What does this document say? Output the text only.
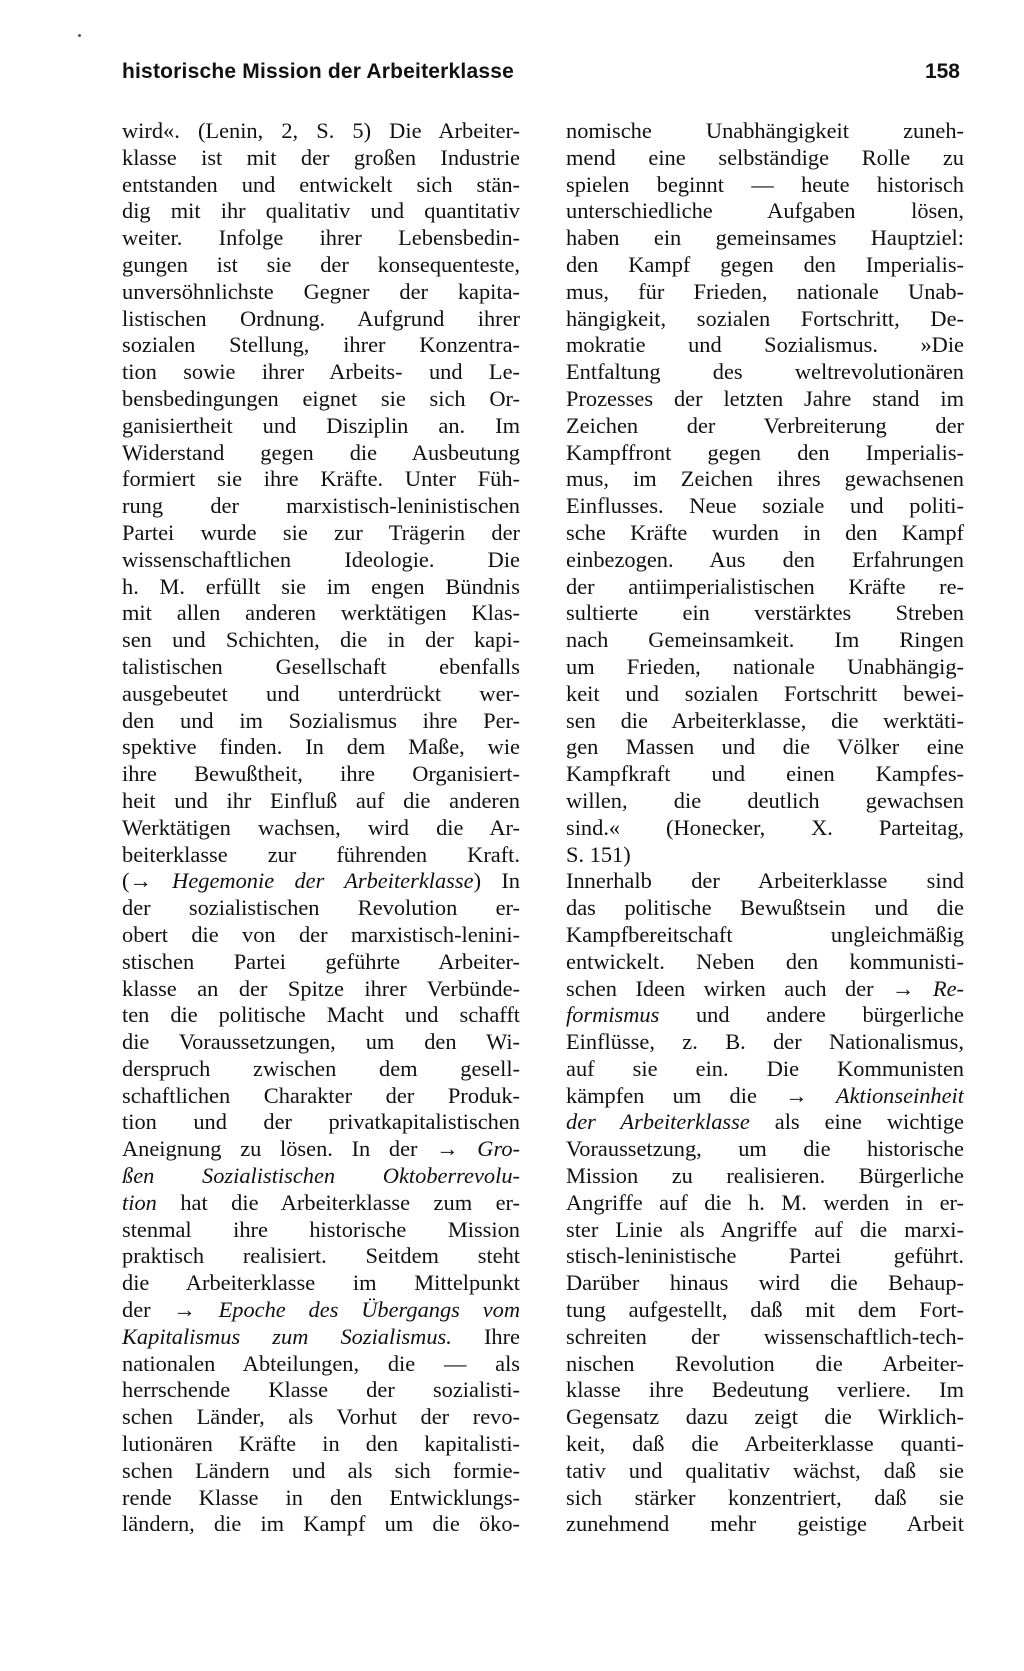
historische Mission der Arbeiterklasse	158
wird«. (Lenin, 2, S. 5) Die Arbeiter-
klasse ist mit der großen Industrie
entstanden und entwickelt sich stän-
dig mit ihr qualitativ und quantitativ
weiter. Infolge ihrer Lebensbedin-
gungen ist sie der konsequenteste,
unversöhnlichste Gegner der kapita-
listischen Ordnung. Aufgrund ihrer
sozialen Stellung, ihrer Konzentra-
tion sowie ihrer Arbeits- und Le-
bensbedingungen eignet sie sich Or-
ganisiertheit und Disziplin an. Im
Widerstand gegen die Ausbeutung
formiert sie ihre Kräfte. Unter Füh-
rung der marxistisch-leninistischen
Partei wurde sie zur Trägerin der
wissenschaftlichen Ideologie. Die
h. M. erfüllt sie im engen Bündnis
mit allen anderen werktätigen Klas-
sen und Schichten, die in der kapi-
talistischen Gesellschaft ebenfalls
ausgebeutet und unterdrückt wer-
den und im Sozialismus ihre Per-
spektive finden. In dem Maße, wie
ihre Bewußtheit, ihre Organisiert-
heit und ihr Einfluß auf die anderen
Werktätigen wachsen, wird die Ar-
beiterklasse zur führenden Kraft.
(→ Hegemonie der Arbeiterklasse) In
der sozialistischen Revolution er-
obert die von der marxistisch-lenini-
stischen Partei geführte Arbeiter-
klasse an der Spitze ihrer Verbünde-
ten die politische Macht und schafft
die Voraussetzungen, um den Wi-
derspruch zwischen dem gesell-
schaftlichen Charakter der Produk-
tion und der privatkapitalistischen
Aneignung zu lösen. In der → Gro-
ßen Sozialistischen Oktoberrevolu-
tion hat die Arbeiterklasse zum er-
stenmal ihre historische Mission
praktisch realisiert. Seitdem steht
die Arbeiterklasse im Mittelpunkt
der → Epoche des Übergangs vom
Kapitalismus zum Sozialismus. Ihre
nationalen Abteilungen, die — als
herrschende Klasse der sozialisti-
schen Länder, als Vorhut der revo-
lutionären Kräfte in den kapitalisti-
schen Ländern und als sich formie-
rende Klasse in den Entwicklungs-
ländern, die im Kampf um die öko-
nomische Unabhängigkeit zuneh-
mend eine selbständige Rolle zu
spielen beginnt — heute historisch
unterschiedliche Aufgaben lösen,
haben ein gemeinsames Hauptziel:
den Kampf gegen den Imperialis-
mus, für Frieden, nationale Unab-
hängigkeit, sozialen Fortschritt, De-
mokratie und Sozialismus. »Die
Entfaltung des weltrevolutionären
Prozesses der letzten Jahre stand im
Zeichen der Verbreiterung der
Kampffront gegen den Imperialis-
mus, im Zeichen ihres gewachsenen
Einflusses. Neue soziale und politi-
sche Kräfte wurden in den Kampf
einbezogen. Aus den Erfahrungen
der antiimperialistischen Kräfte re-
sultierte ein verstärktes Streben
nach Gemeinsamkeit. Im Ringen
um Frieden, nationale Unabhängig-
keit und sozialen Fortschritt bewei-
sen die Arbeiterklasse, die werktäti-
gen Massen und die Völker eine
Kampfkraft und einen Kampfes-
willen, die deutlich gewachsen
sind.« (Honecker, X. Parteitag,
S. 151)
Innerhalb der Arbeiterklasse sind
das politische Bewußtsein und die
Kampfbereitschaft ungleichmäßig
entwickelt. Neben den kommunisti-
schen Ideen wirken auch der → Re-
formismus und andere bürgerliche
Einflüsse, z. B. der Nationalismus,
auf sie ein. Die Kommunisten
kämpfen um die → Aktionseinheit
der Arbeiterklasse als eine wichtige
Voraussetzung, um die historische
Mission zu realisieren. Bürgerliche
Angriffe auf die h. M. werden in er-
ster Linie als Angriffe auf die marxi-
stisch-leninistische Partei geführt.
Darüber hinaus wird die Behaup-
tung aufgestellt, daß mit dem Fort-
schreiten der wissenschaftlich-tech-
nischen Revolution die Arbeiter-
klasse ihre Bedeutung verliere. Im
Gegensatz dazu zeigt die Wirklich-
keit, daß die Arbeiterklasse quanti-
tativ und qualitativ wächst, daß sie
sich stärker konzentriert, daß sie
zunehmend mehr geistige Arbeit
